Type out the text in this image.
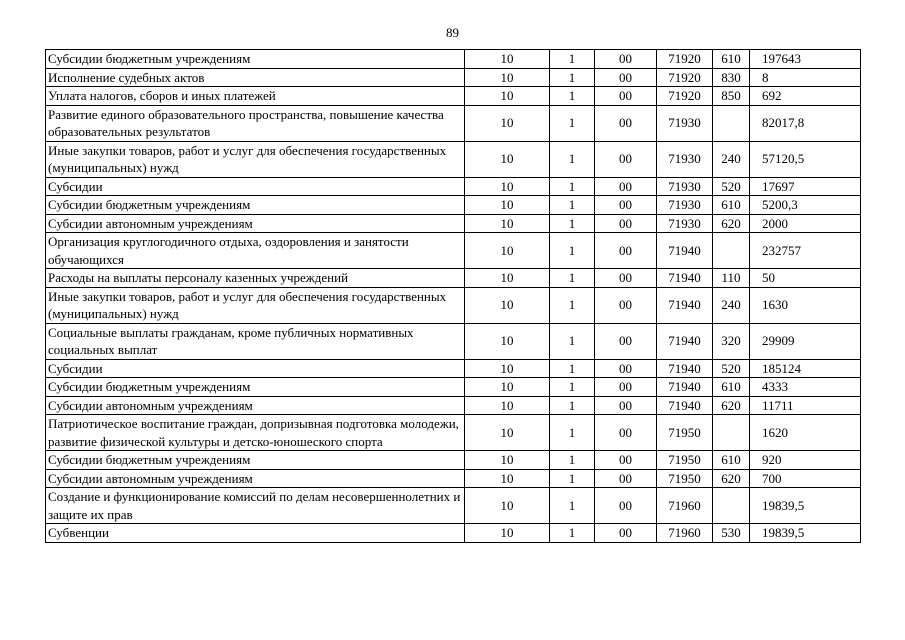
89
Субсидии бюджетным учреждениям	10	1	00	71920	610	197643
Исполнение судебных актов	10	1	00	71920	830	8
Уплата налогов, сборов и иных платежей	10	1	00	71920	850	692
Развитие единого образовательного пространства, повышение качества образовательных результатов	10	1	00	71930		82017,8
Иные закупки товаров, работ и услуг для обеспечения государственных (муниципальных) нужд	10	1	00	71930	240	57120,5
Субсидии	10	1	00	71930	520	17697
Субсидии бюджетным учреждениям	10	1	00	71930	610	5200,3
Субсидии автономным учреждениям	10	1	00	71930	620	2000
Организация круглогодичного отдыха, оздоровления и занятости обучающихся	10	1	00	71940		232757
Расходы на выплаты персоналу казенных учреждений	10	1	00	71940	110	50
Иные закупки товаров, работ и услуг для обеспечения государственных (муниципальных) нужд	10	1	00	71940	240	1630
Социальные выплаты гражданам, кроме публичных нормативных социальных выплат	10	1	00	71940	320	29909
Субсидии	10	1	00	71940	520	185124
Субсидии бюджетным учреждениям	10	1	00	71940	610	4333
Субсидии автономным учреждениям	10	1	00	71940	620	11711
Патриотическое воспитание граждан, допризывная подготовка молодежи, развитие физической культуры и детско-юношеского спорта	10	1	00	71950		1620
Субсидии бюджетным учреждениям	10	1	00	71950	610	920
Субсидии автономным учреждениям	10	1	00	71950	620	700
Создание и функционирование комиссий по делам несовершеннолетних и защите их прав	10	1	00	71960		19839,5
Субвенции	10	1	00	71960	530	19839,5
